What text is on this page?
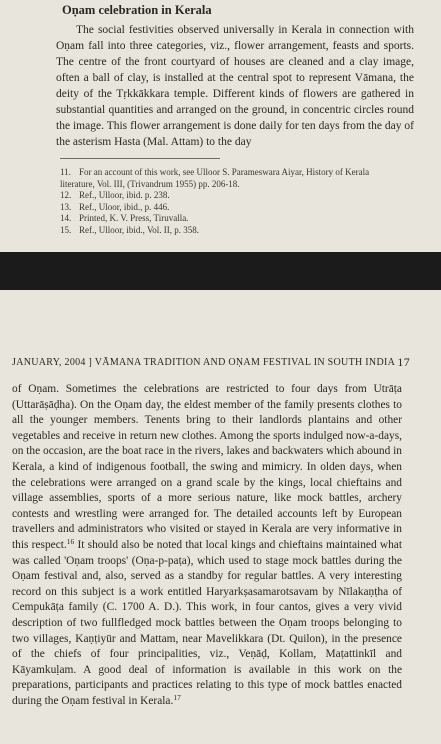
Oṇam celebration in Kerala

The social festivities observed universally in Kerala in connection with Oṇam fall into three categories, viz., flower arrangement, feasts and sports. The centre of the front courtyard of houses are cleaned and a clay image, often a ball of clay, is installed at the central spot to represent Vāmana, the deity of the Tṛkkākkara temple. Different kinds of flowers are gathered in substantial quantities and arranged on the ground, in concentric circles round the image. This flower arrangement is done daily for ten days from the day of the asterism Hasta (Mal. Attam) to the day

11. For an account of this work, see Ulloor S. Parameswara Aiyar, History of Kerala
literature, Vol. III, (Trivandrum 1955) pp. 206-18.
12. Ref., Ulloor, ibid. p. 238.
13. Ref., Uloor, ibid., p. 446.
14. Printed, K. V. Press, Tiruvalla.
15. Ref., Ulloor, ibid., Vol. II, p. 358.
JANUARY, 2004 ] VĀMANA TRADITION AND OṆAM FESTIVAL IN SOUTH INDIA 17

of Oṇam. Sometimes the celebrations are restricted to four days from Utrāṭa (Uttarāṣāḍha). On the Oṇam day, the eldest member of the family presents clothes to all the younger members. Tenents bring to their landlords plantains and other vegetables and receive in return new clothes. Among the sports indulged now-a-days, on the occasion, are the boat race in the rivers, lakes and backwaters which abound in Kerala, a kind of indigenous football, the swing and mimicry. In olden days, when the celebrations were arranged on a grand scale by the kings, local chieftains and village assemblies, sports of a more serious nature, like mock battles, archery contests and wrestling were arranged for. The detailed accounts left by European travellers and administrators who visited or stayed in Kerala are very informative in this respect.$^{16}$ It should also be noted that local kings and chieftains maintained what was called 'Oṇam troops' (Oṇa-p-paṭa), which used to stage mock battles during the Oṇam festival and, also, served as a standby for regular battles. A very interesting record on this subject is a work entitled Haryarkṣasamarotsavam by Nīlakaṇṭha of Cempukāṭa family (C. 1700 A. D.). This work, in four cantos, gives a very vivid description of two fullfledged mock battles between the Oṇam troops belonging to two villages, Kaṇṭiyūr and Mattam, near Mavelikkara (Dt. Quilon), in the presence of the chiefs of four principalities, viz., Veṇāḍ, Kollam, Maṭattinkīl and Kāyamkuḷam. A good deal of information is available in this work on the preparations, participants and practices relating to this type of mock battles enacted during the Oṇam festival in Kerala.$^{17}$
